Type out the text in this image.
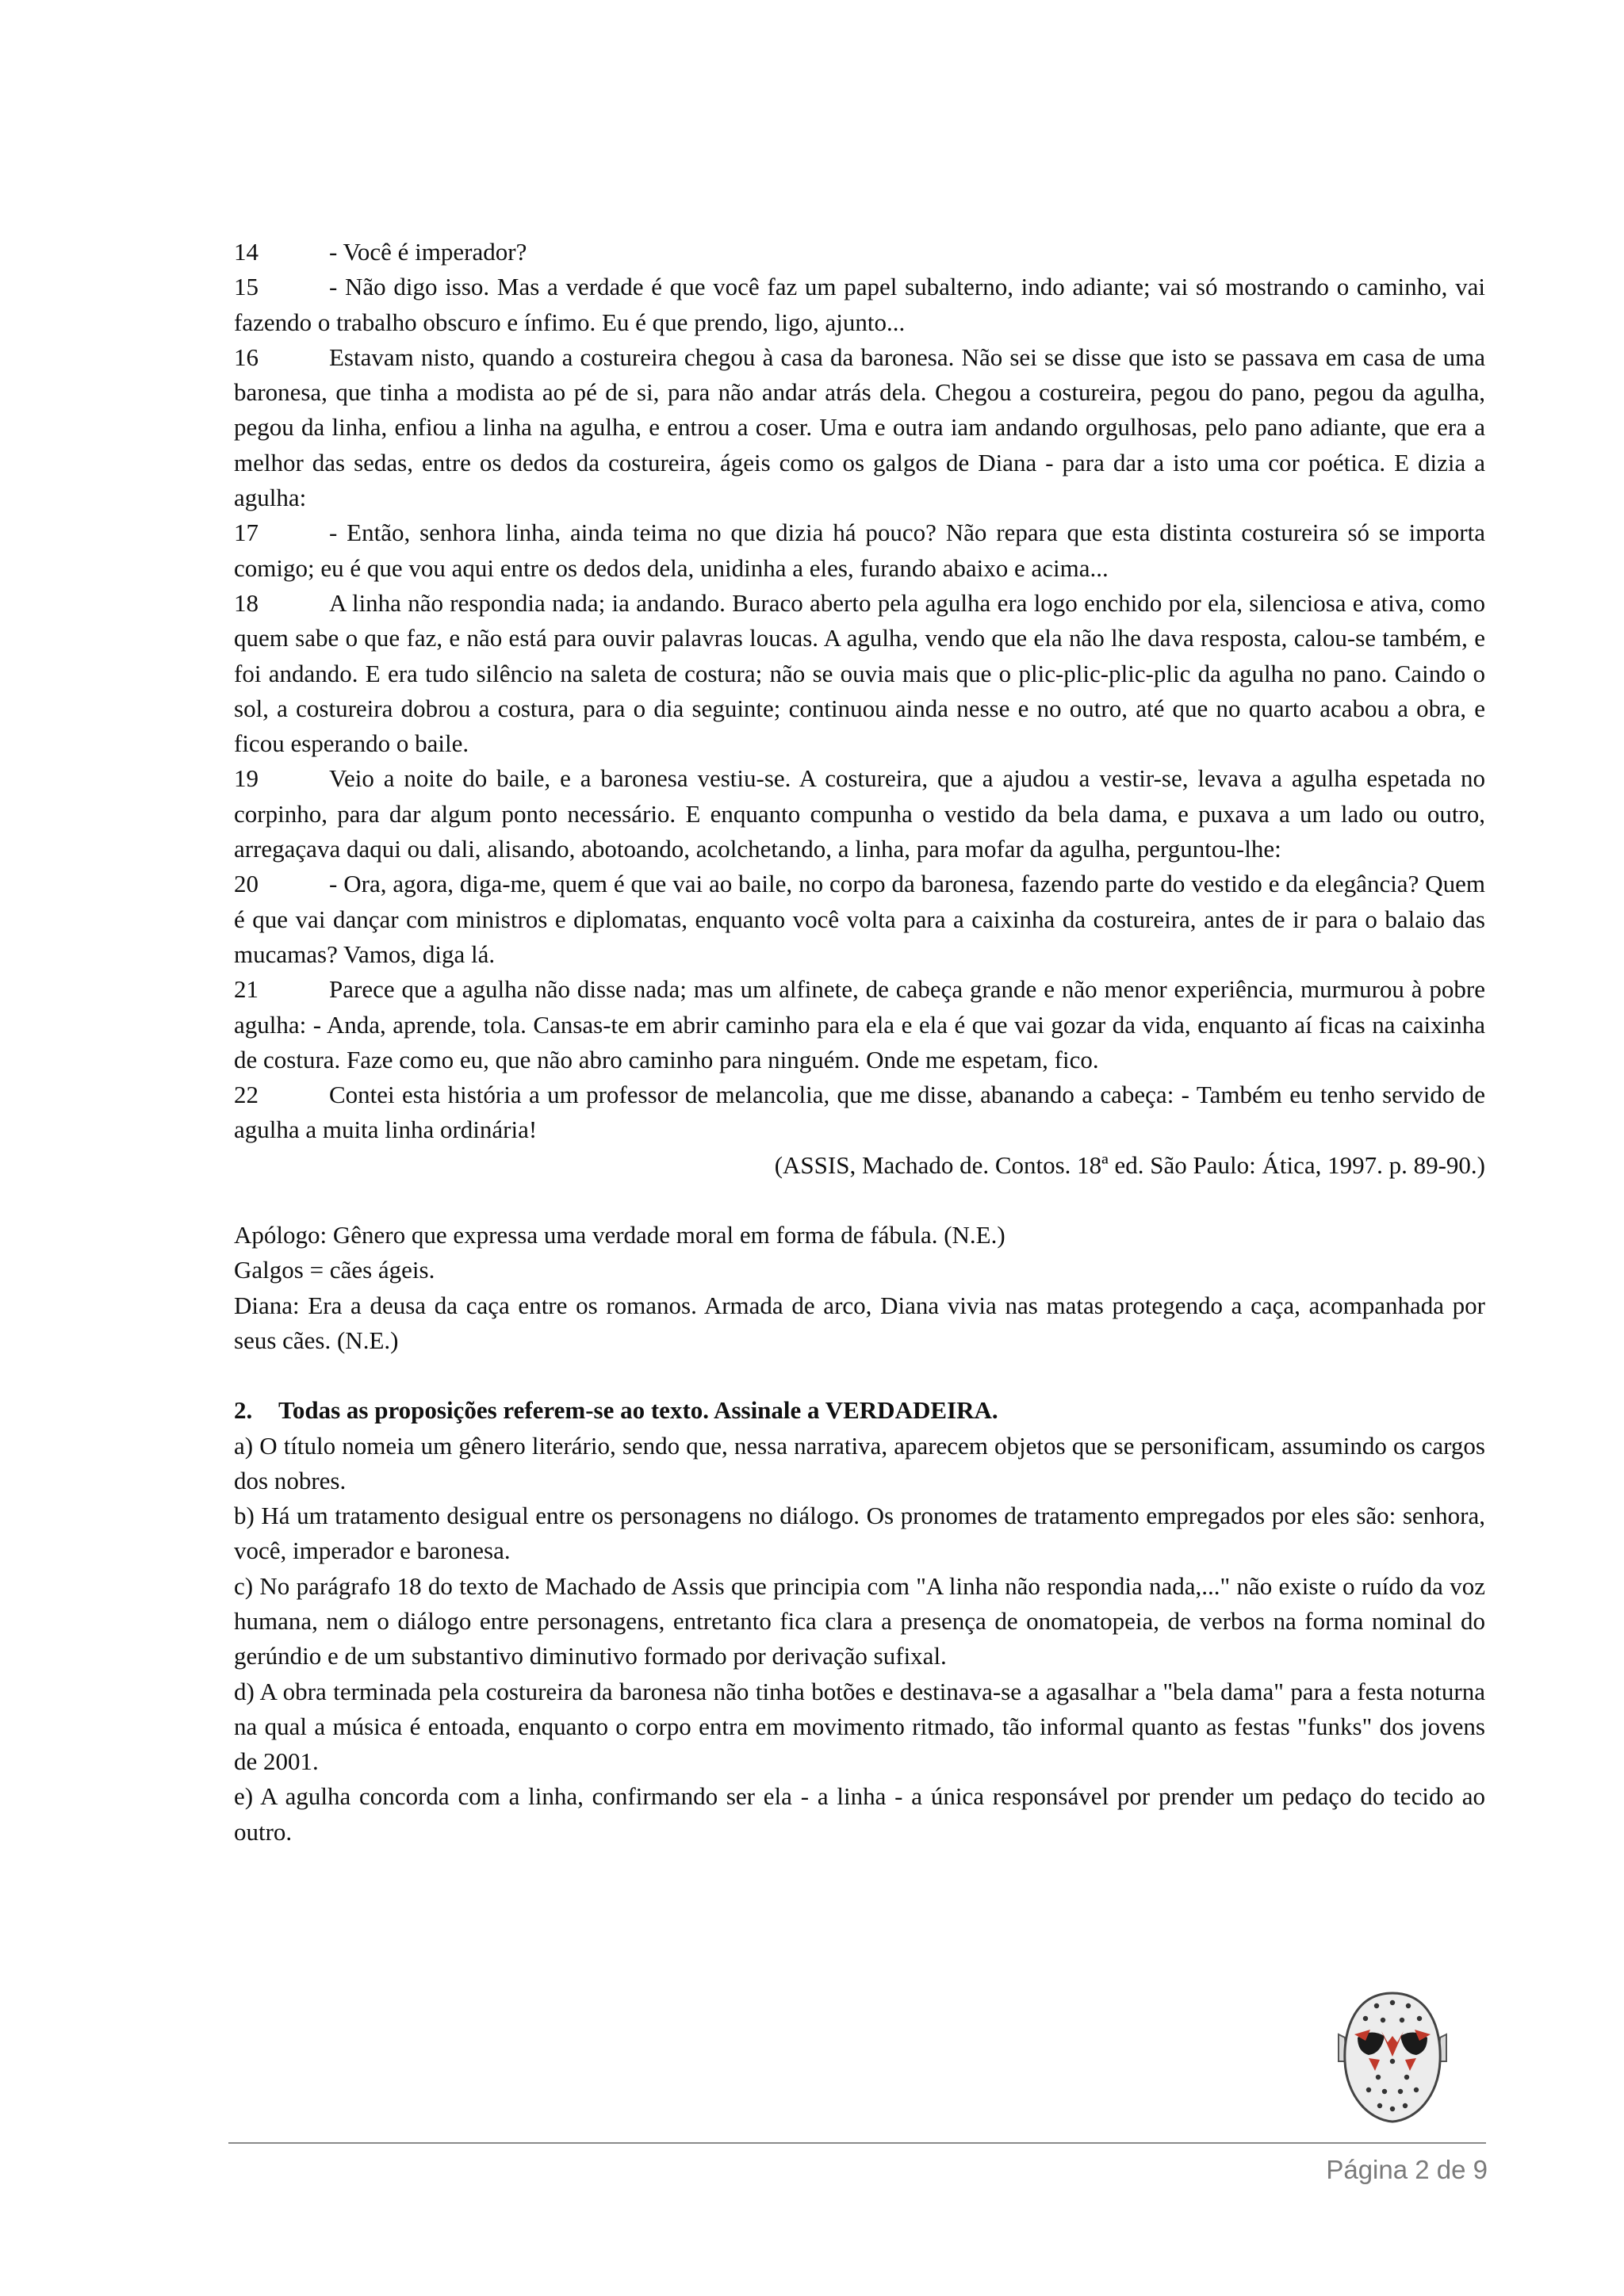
14	- Você é imperador?

15	- Não digo isso. Mas a verdade é que você faz um papel subalterno, indo adiante; vai só mostrando o caminho, vai fazendo o trabalho obscuro e ínfimo. Eu é que prendo, ligo, ajunto...

16	Estavam nisto, quando a costureira chegou à casa da baronesa. Não sei se disse que isto se passava em casa de uma baronesa, que tinha a modista ao pé de si, para não andar atrás dela. Chegou a costureira, pegou do pano, pegou da agulha, pegou da linha, enfiou a linha na agulha, e entrou a coser. Uma e outra iam andando orgulhosas, pelo pano adiante, que era a melhor das sedas, entre os dedos da costureira, ágeis como os galgos de Diana - para dar a isto uma cor poética. E dizia a agulha:

17	- Então, senhora linha, ainda teima no que dizia há pouco? Não repara que esta distinta costureira só se importa comigo; eu é que vou aqui entre os dedos dela, unidinha a eles, furando abaixo e acima...

18	A linha não respondia nada; ia andando. Buraco aberto pela agulha era logo enchido por ela, silenciosa e ativa, como quem sabe o que faz, e não está para ouvir palavras loucas. A agulha, vendo que ela não lhe dava resposta, calou-se também, e foi andando. E era tudo silêncio na saleta de costura; não se ouvia mais que o plic-plic-plic-plic da agulha no pano. Caindo o sol, a costureira dobrou a costura, para o dia seguinte; continuou ainda nesse e no outro, até que no quarto acabou a obra, e ficou esperando o baile.

19	Veio a noite do baile, e a baronesa vestiu-se. A costureira, que a ajudou a vestir-se, levava a agulha espetada no corpinho, para dar algum ponto necessário. E enquanto compunha o vestido da bela dama, e puxava a um lado ou outro, arregaçava daqui ou dali, alisando, abotoando, acolchetando, a linha, para mofar da agulha, perguntou-lhe:

20	- Ora, agora, diga-me, quem é que vai ao baile, no corpo da baronesa, fazendo parte do vestido e da elegância? Quem é que vai dançar com ministros e diplomatas, enquanto você volta para a caixinha da costureira, antes de ir para o balaio das mucamas? Vamos, diga lá.

21	Parece que a agulha não disse nada; mas um alfinete, de cabeça grande e não menor experiência, murmurou à pobre agulha: - Anda, aprende, tola. Cansas-te em abrir caminho para ela e ela é que vai gozar da vida, enquanto aí ficas na caixinha de costura. Faze como eu, que não abro caminho para ninguém. Onde me espetam, fico.

22	Contei esta história a um professor de melancolia, que me disse, abanando a cabeça: - Também eu tenho servido de agulha a muita linha ordinária!

(ASSIS, Machado de. Contos. 18ª ed. São Paulo: Ática, 1997. p. 89-90.)

Apólogo: Gênero que expressa uma verdade moral em forma de fábula. (N.E.)

Galgos = cães ágeis.

Diana: Era a deusa da caça entre os romanos. Armada de arco, Diana vivia nas matas protegendo a caça, acompanhada por seus cães. (N.E.)

2. Todas as proposições referem-se ao texto. Assinale a VERDADEIRA.

a) O título nomeia um gênero literário, sendo que, nessa narrativa, aparecem objetos que se personificam, assumindo os cargos dos nobres.

b) Há um tratamento desigual entre os personagens no diálogo. Os pronomes de tratamento empregados por eles são: senhora, você, imperador e baronesa.

c) No parágrafo 18 do texto de Machado de Assis que principia com "A linha não respondia nada,..." não existe o ruído da voz humana, nem o diálogo entre personagens, entretanto fica clara a presença de onomatopeia, de verbos na forma nominal do gerúndio e de um substantivo diminutivo formado por derivação sufixal.

d) A obra terminada pela costureira da baronesa não tinha botões e destinava-se a agasalhar a "bela dama" para a festa noturna na qual a música é entoada, enquanto o corpo entra em movimento ritmado, tão informal quanto as festas "funks" dos jovens de 2001.

e) A agulha concorda com a linha, confirmando ser ela - a linha - a única responsável por prender um pedaço do tecido ao outro.

Página 2 de 9
